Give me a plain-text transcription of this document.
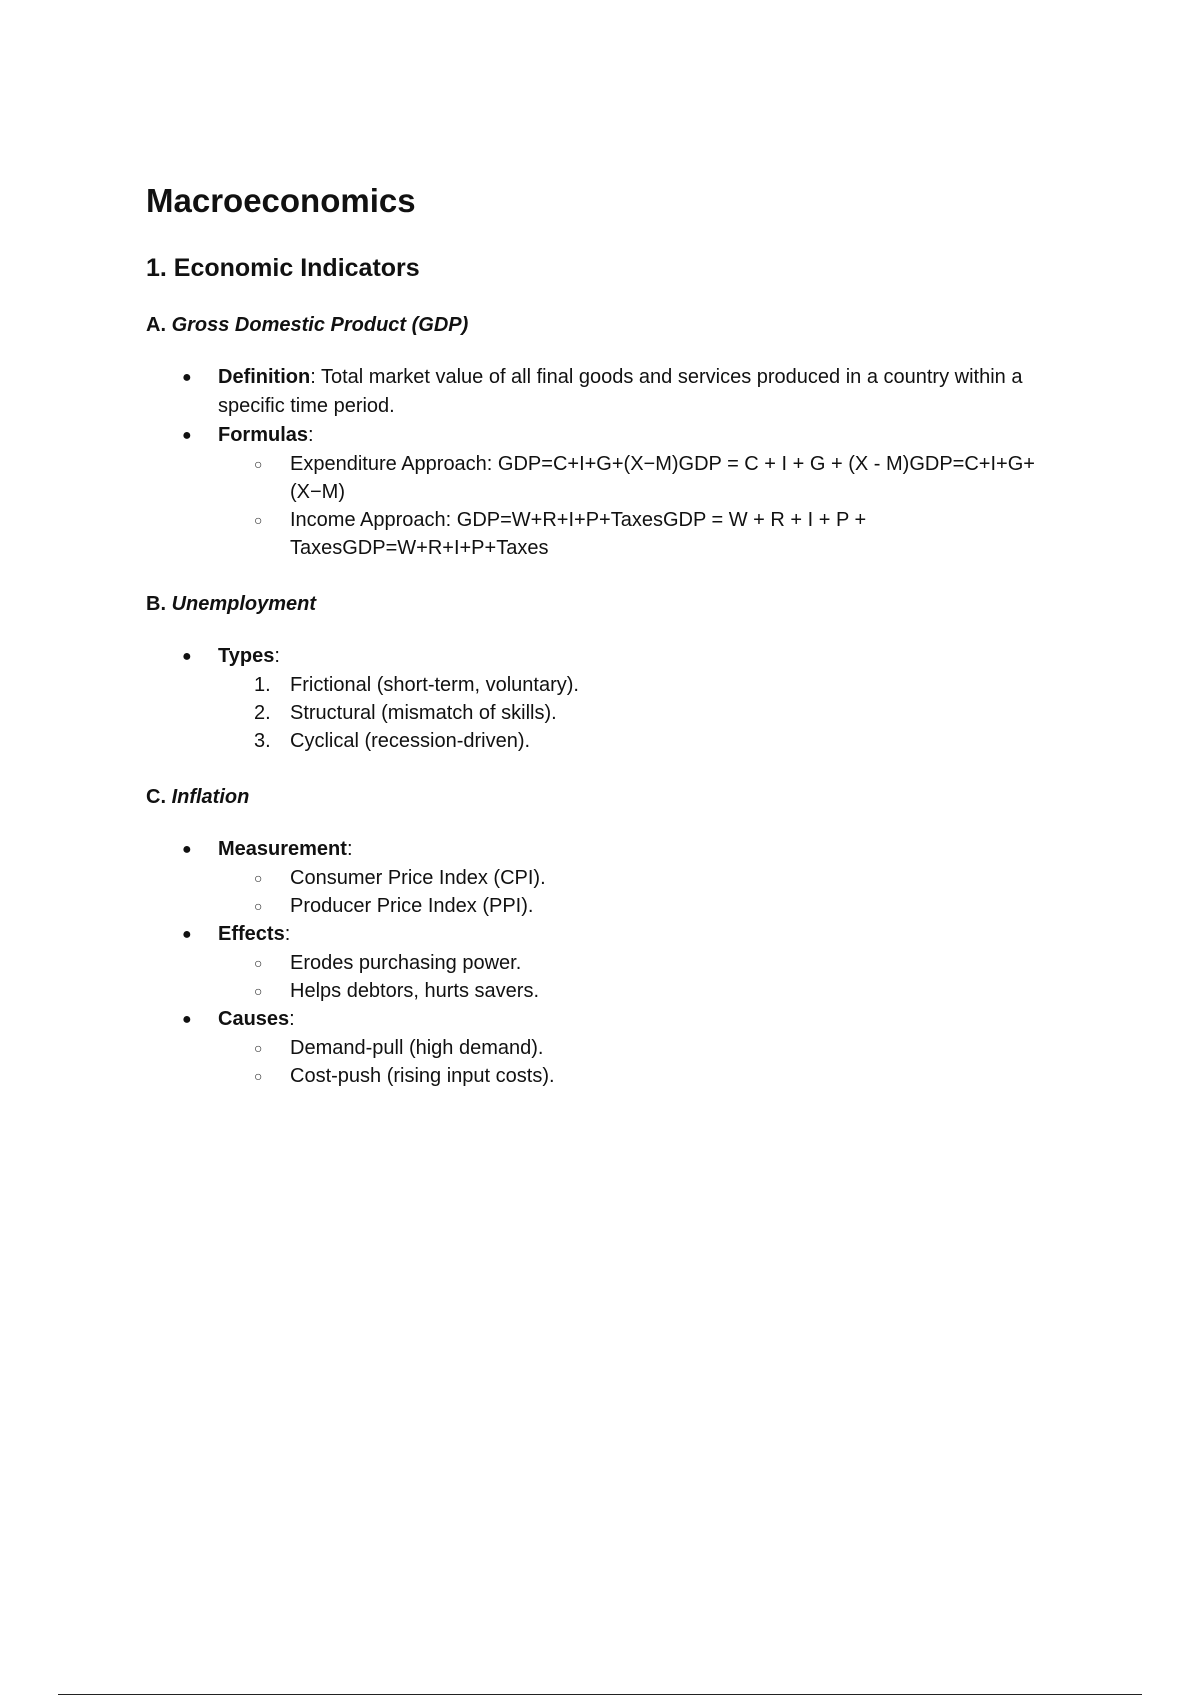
Macroeconomics
1. Economic Indicators
A. Gross Domestic Product (GDP)
● Definition: Total market value of all final goods and services produced in a country within a specific time period.
● Formulas:
○ Expenditure Approach: GDP=C+I+G+(X−M)GDP = C + I + G + (X - M)GDP=C+I+G+(X−M)
○ Income Approach: GDP=W+R+I+P+TaxesGDP = W + R + I + P + TaxesGDP=W+R+I+P+Taxes
B. Unemployment
● Types:
1. Frictional (short-term, voluntary).
2. Structural (mismatch of skills).
3. Cyclical (recession-driven).
C. Inflation
● Measurement:
○ Consumer Price Index (CPI).
○ Producer Price Index (PPI).
● Effects:
○ Erodes purchasing power.
○ Helps debtors, hurts savers.
● Causes:
○ Demand-pull (high demand).
○ Cost-push (rising input costs).
